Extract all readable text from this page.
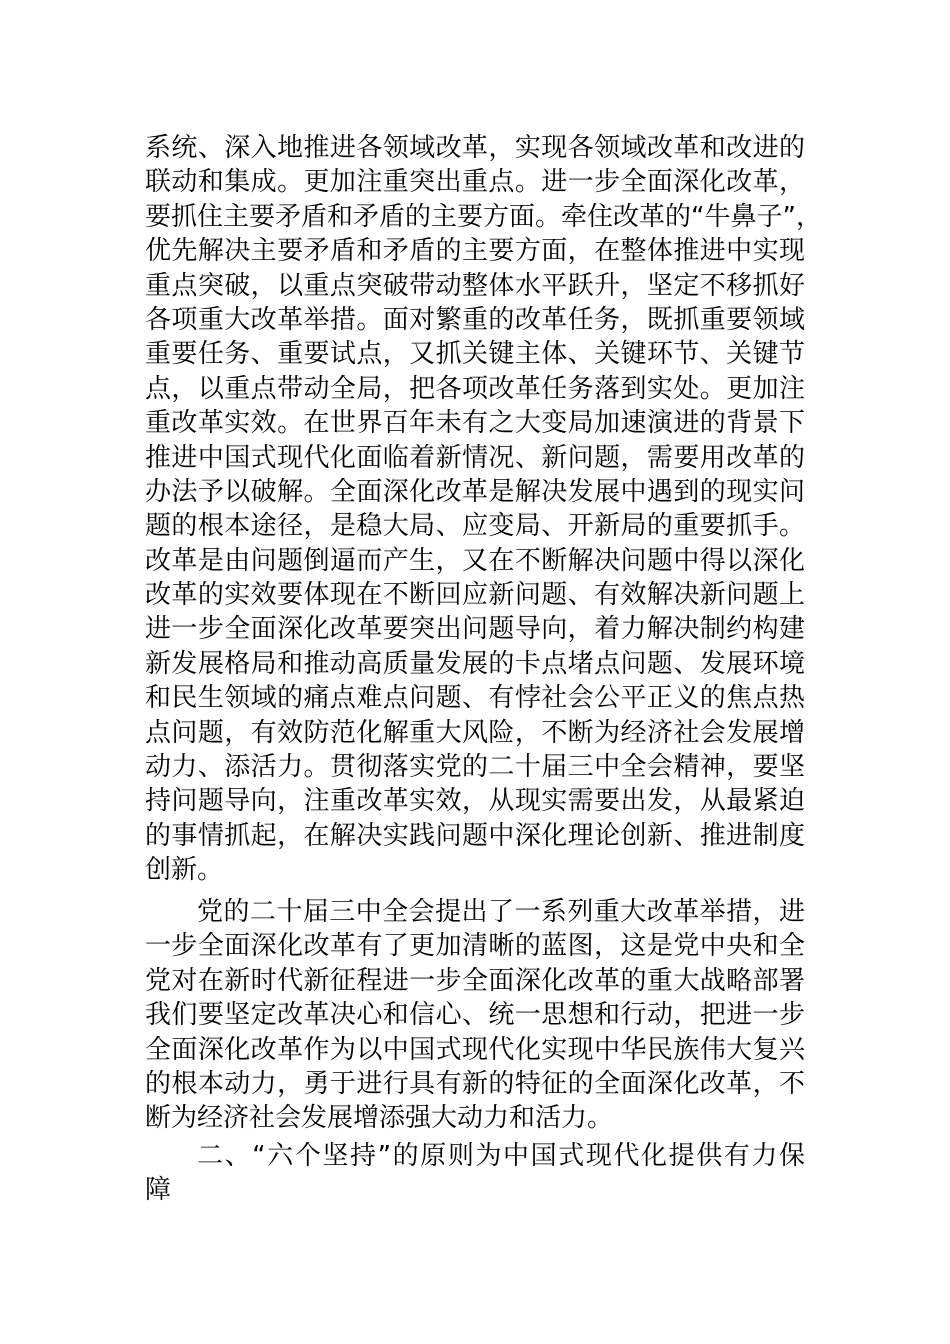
系统、深入地推进各领域改革，实现各领域改革和改进的
联动和集成。更加注重突出重点。进一步全面深化改革，
要抓住主要矛盾和矛盾的主要方面。牵住改革的“牛鼻子”，
优先解决主要矛盾和矛盾的主要方面，在整体推进中实现
重点突破，以重点突破带动整体水平跃升，坚定不移抓好
各项重大改革举措。面对繁重的改革任务，既抓重要领域
重要任务、重要试点，又抓关键主体、关键环节、关键节
点，以重点带动全局，把各项改革任务落到实处。更加注
重改革实效。在世界百年未有之大变局加速演进的背景下
推进中国式现代化面临着新情况、新问题，需要用改革的
办法予以破解。全面深化改革是解决发展中遇到的现实问
题的根本途径，是稳大局、应变局、开新局的重要抓手。
改革是由问题倒逼而产生，又在不断解决问题中得以深化
改革的实效要体现在不断回应新问题、有效解决新问题上
进一步全面深化改革要突出问题导向，着力解决制约构建
新发展格局和推动高质量发展的卡点堵点问题、发展环境
和民生领域的痛点难点问题、有悖社会公平正义的焦点热
点问题，有效防范化解重大风险，不断为经济社会发展增
动力、添活力。贯彻落实党的二十届三中全会精神，要坚
持问题导向，注重改革实效，从现实需要出发，从最紧迫
的事情抓起，在解决实践问题中深化理论创新、推进制度
创新。
党的二十届三中全会提出了一系列重大改革举措，进
一步全面深化改革有了更加清晰的蓝图，这是党中央和全
党对在新时代新征程进一步全面深化改革的重大战略部署
我们要坚定改革决心和信心、统一思想和行动，把进一步
全面深化改革作为以中国式现代化实现中华民族伟大复兴
的根本动力，勇于进行具有新的特征的全面深化改革，不
断为经济社会发展增添强大动力和活力。
二、“六个坚持”的原则为中国式现代化提供有力保
障
